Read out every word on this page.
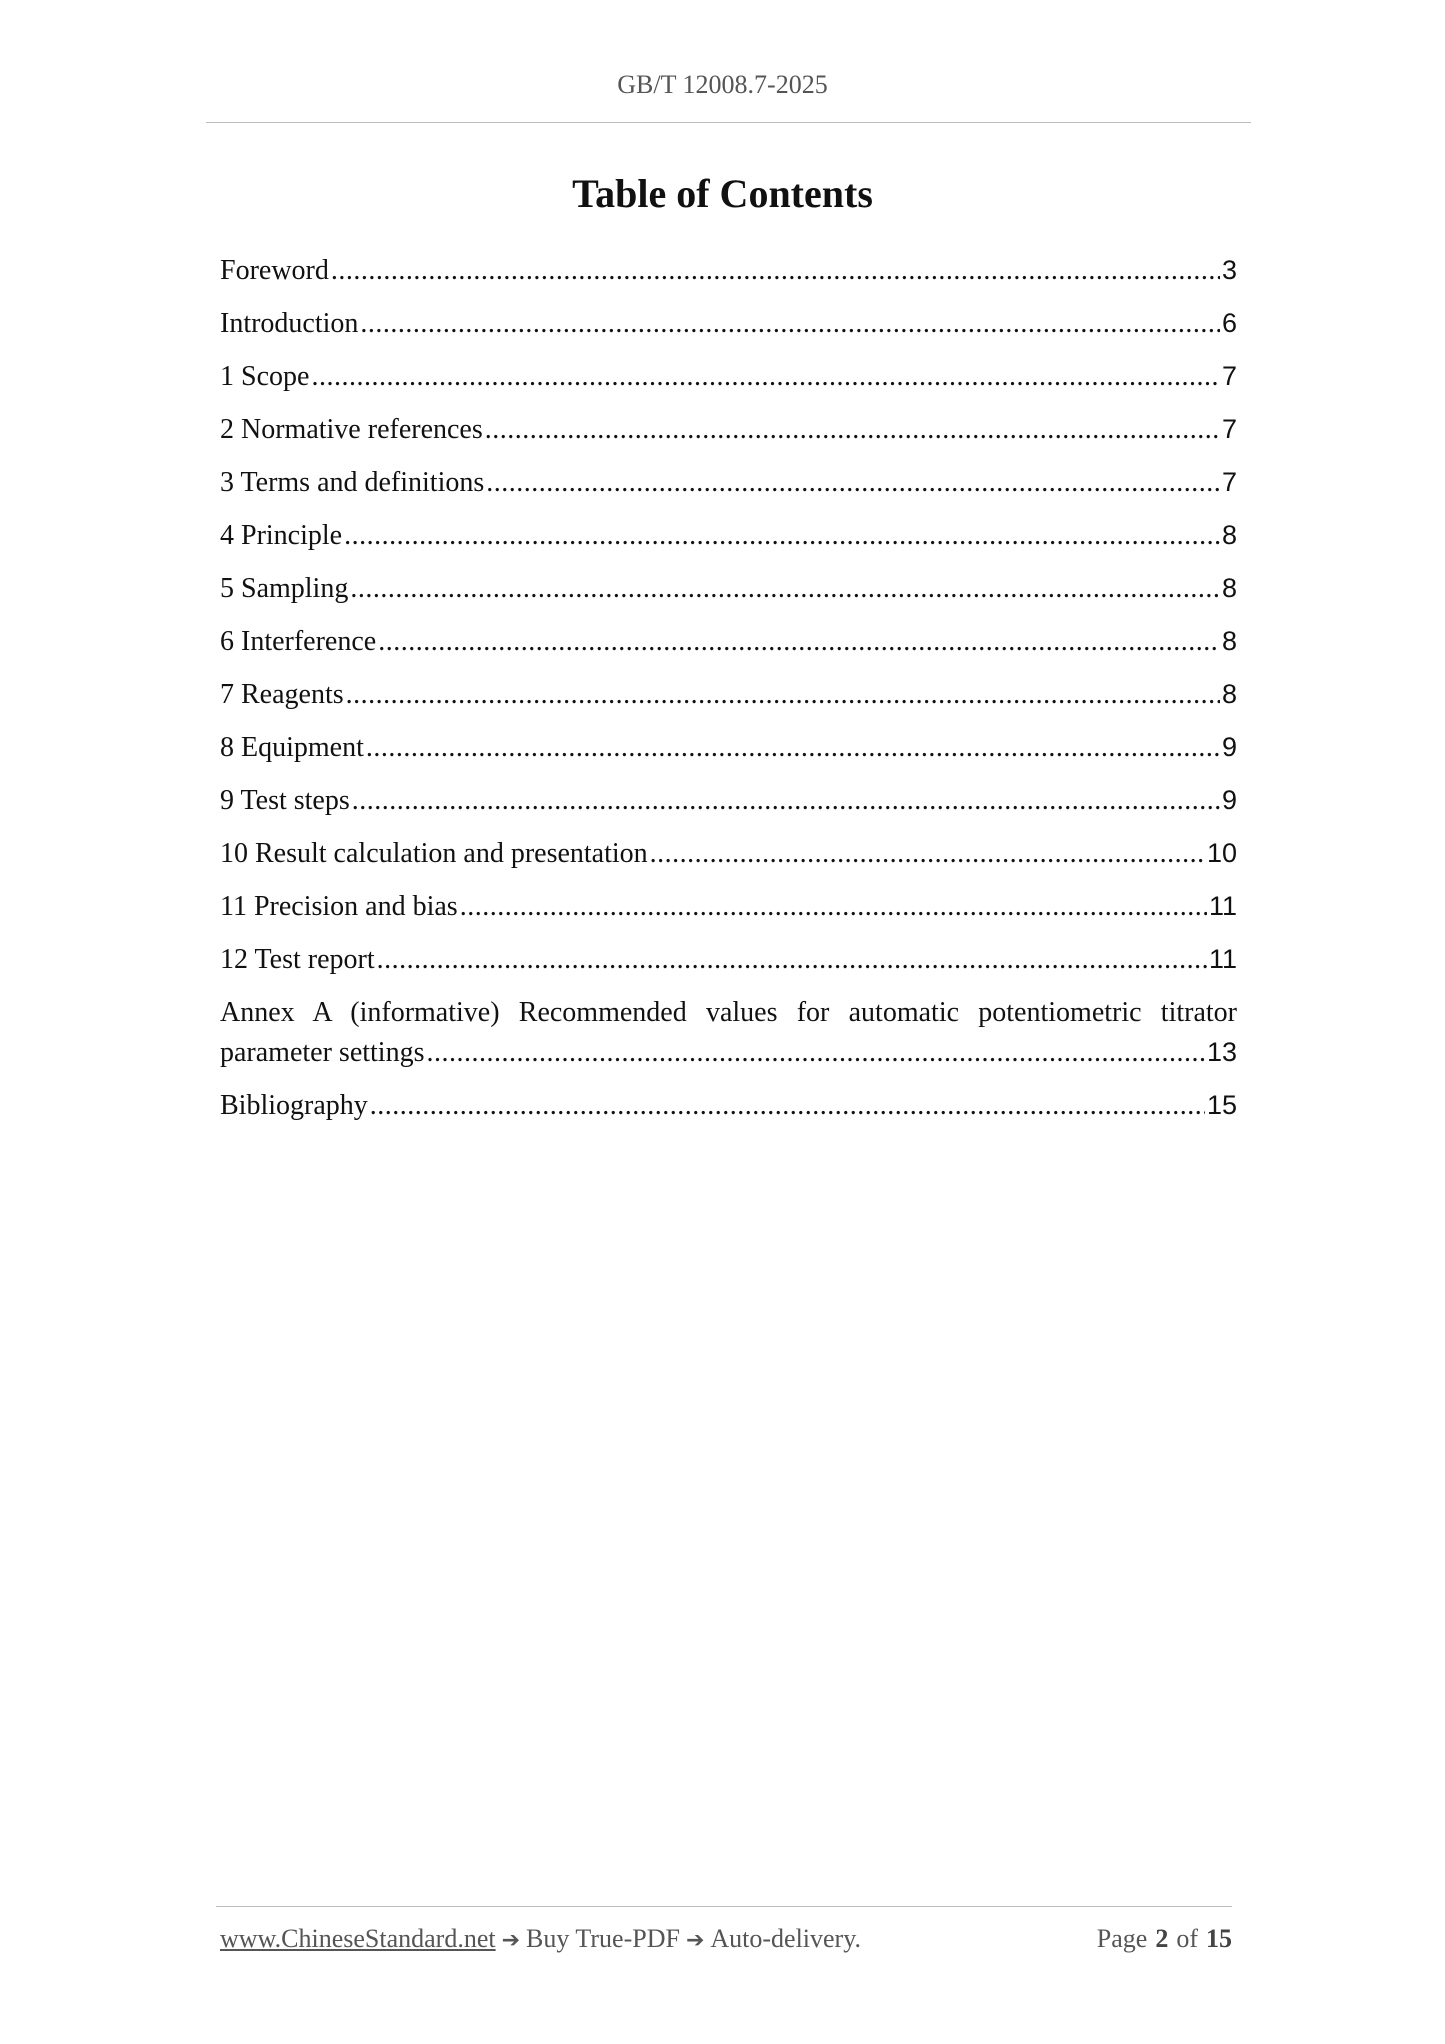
GB/T 12008.7-2025
Table of Contents
Foreword .....	3
Introduction .....	6
1 Scope .....	7
2 Normative references .....	7
3 Terms and definitions .....	7
4 Principle .....	8
5 Sampling .....	8
6 Interference .....	8
7 Reagents .....	8
8 Equipment .....	9
9 Test steps .....	9
10 Result calculation and presentation .....	10
11 Precision and bias .....	11
12 Test report .....	11
Annex A (informative) Recommended values for automatic potentiometric titrator
parameter settings .....	13
Bibliography .....	15
www.ChineseStandard.net ➔ Buy True-PDF ➔ Auto-delivery.	Page 2 of 15
